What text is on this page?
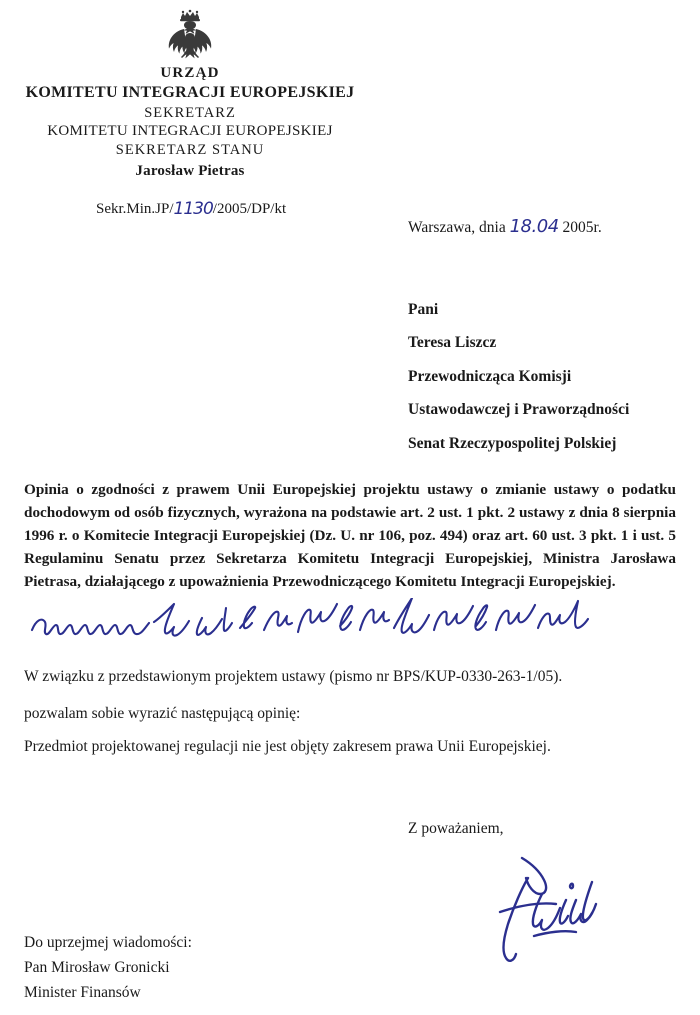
URZĄD
KOMITETU INTEGRACJI EUROPEJSKIEJ
SEKRETARZ
KOMITETU INTEGRACJI EUROPEJSKIEJ
SEKRETARZ STANU
Jarosław Pietras
Sekr.Min.JP/1130/2005/DP/kt
Warszawa, dnia 18.04 2005r.
Pani
Teresa Liszcz
Przewodnicząca Komisji
Ustawodawczej i Praworządności
Senat Rzeczypospolitej Polskiej
Opinia o zgodności z prawem Unii Europejskiej projektu ustawy o zmianie ustawy o podatku dochodowym od osób fizycznych, wyrażona na podstawie art. 2 ust. 1 pkt. 2 ustawy z dnia 8 sierpnia 1996 r. o Komitecie Integracji Europejskiej (Dz. U. nr 106, poz. 494) oraz art. 60 ust. 3 pkt. 1 i ust. 5 Regulaminu Senatu przez Sekretarza Komitetu Integracji Europejskiej, Ministra Jarosława Pietrasa, działającego z upoważnienia Przewodniczącego Komitetu Integracji Europejskiej.
W związku z przedstawionym projektem ustawy (pismo nr BPS/KUP-0330-263-1/05).
pozwalam sobie wyrazić następującą opinię:
Przedmiot projektowanej regulacji nie jest objęty zakresem prawa Unii Europejskiej.
Z poważaniem,
Do uprzejmej wiadomości:
Pan Mirosław Gronicki
Minister Finansów
